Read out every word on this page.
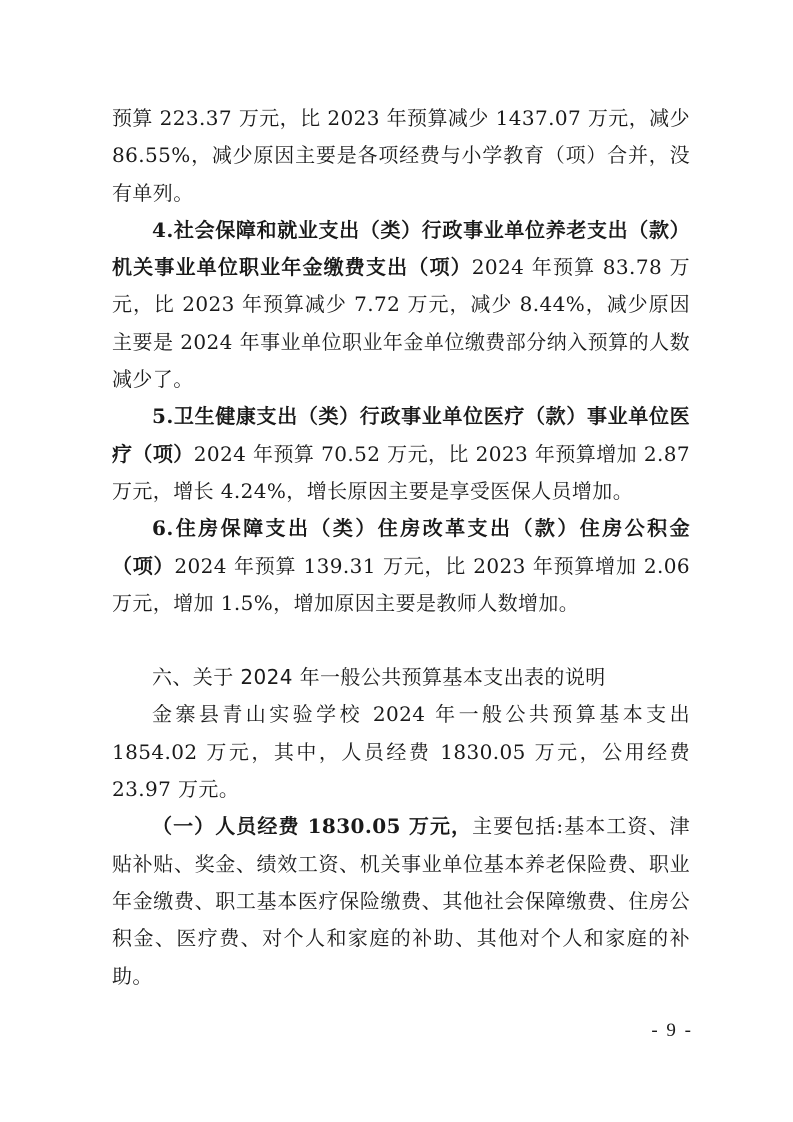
预算 223.37 万元，比 2023 年预算减少 1437.07 万元，减少 86.55%，减少原因主要是各项经费与小学教育（项）合并，没有单列。

4.社会保障和就业支出（类）行政事业单位养老支出（款）机关事业单位职业年金缴费支出（项）2024 年预算 83.78 万元，比 2023 年预算减少 7.72 万元，减少 8.44%，减少原因主要是 2024 年事业单位职业年金单位缴费部分纳入预算的人数减少了。

5.卫生健康支出（类）行政事业单位医疗（款）事业单位医疗（项）2024 年预算 70.52 万元，比 2023 年预算增加 2.87 万元，增长 4.24%，增长原因主要是享受医保人员增加。

6.住房保障支出（类）住房改革支出（款）住房公积金（项）2024 年预算 139.31 万元，比 2023 年预算增加 2.06 万元，增加 1.5%，增加原因主要是教师人数增加。

六、关于 2024 年一般公共预算基本支出表的说明

金寨县青山实验学校 2024 年一般公共预算基本支出 1854.02 万元，其中，人员经费 1830.05 万元，公用经费 23.97 万元。

（一）人员经费 1830.05 万元，主要包括:基本工资、津贴补贴、奖金、绩效工资、机关事业单位基本养老保险费、职业年金缴费、职工基本医疗保险缴费、其他社会保障缴费、住房公积金、医疗费、对个人和家庭的补助、其他对个人和家庭的补助。

- 9 -
